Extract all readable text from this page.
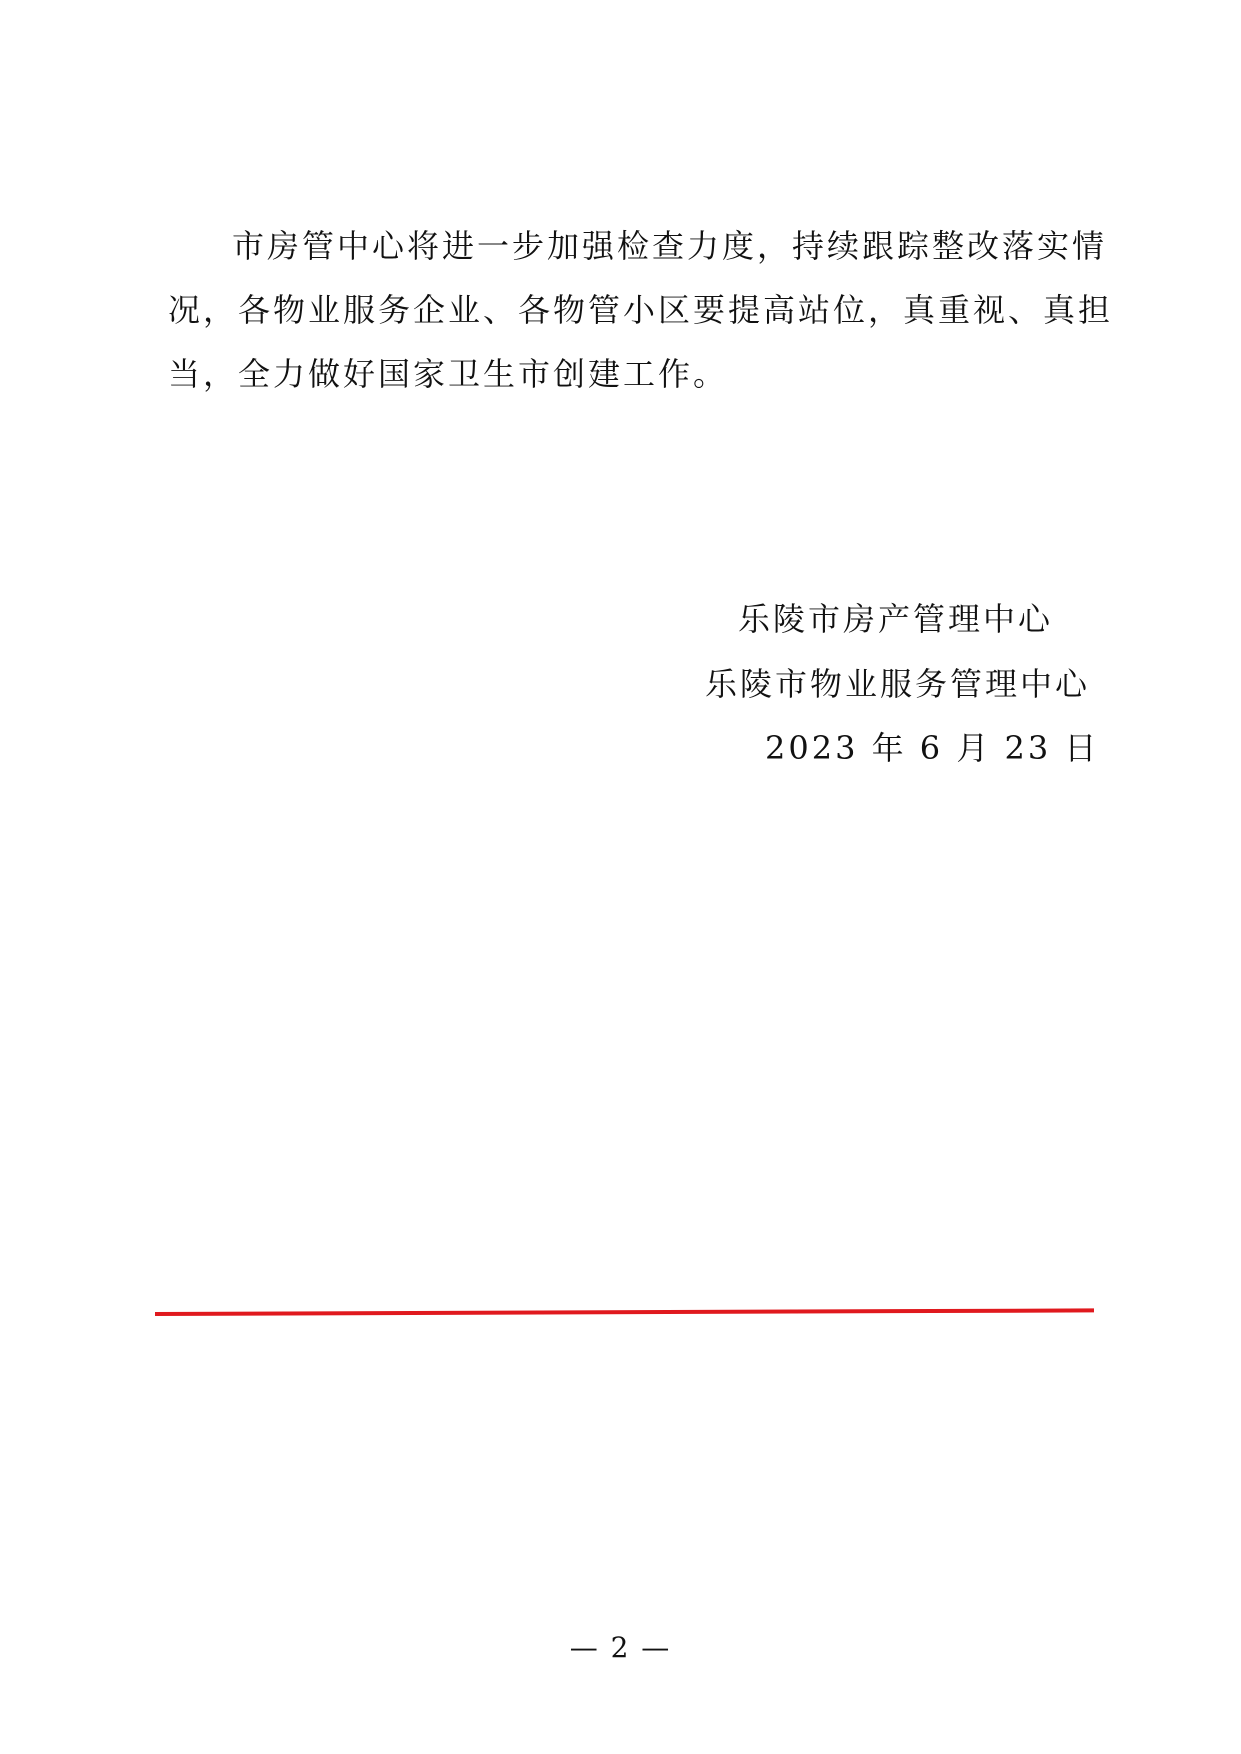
市房管中心将进一步加强检查力度，持续跟踪整改落实情
况，各物业服务企业、各物管小区要提高站位，真重视、真担
当，全力做好国家卫生市创建工作。
乐陵市房产管理中心
乐陵市物业服务管理中心
2023 年 6 月 23 日
— 2 —
